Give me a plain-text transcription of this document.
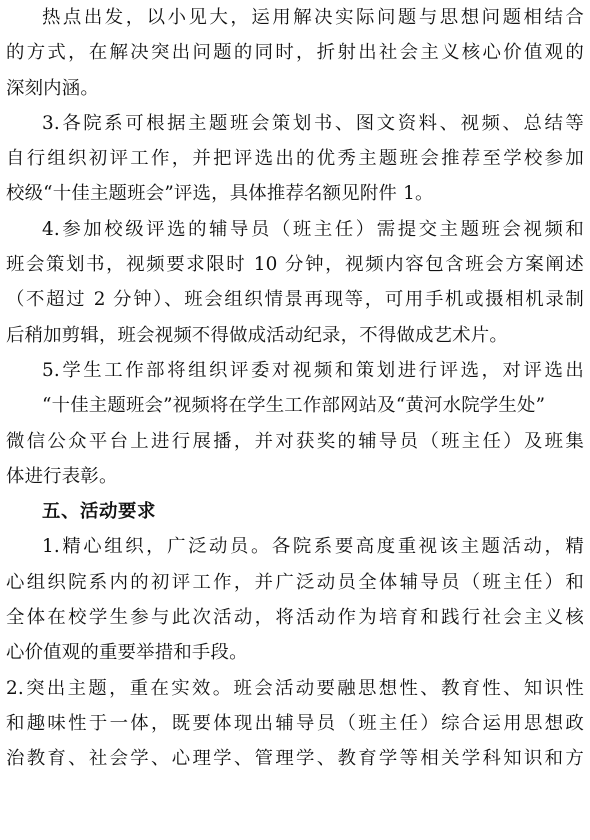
热点出发，以小见大，运用解决实际问题与思想问题相结合
的方式，在解决突出问题的同时，折射出社会主义核心价值观的
深刻内涵。
3.各院系可根据主题班会策划书、图文资料、视频、总结等
自行组织初评工作，并把评选出的优秀主题班会推荐至学校参加
校级“十佳主题班会”评选，具体推荐名额见附件 1。
4.参加校级评选的辅导员（班主任）需提交主题班会视频和
班会策划书，视频要求限时 10 分钟，视频内容包含班会方案阐述
（不超过 2 分钟）、班会组织情景再现等，可用手机或摄相机录制
后稍加剪辑，班会视频不得做成活动纪录，不得做成艺术片。
5.学生工作部将组织评委对视频和策划进行评选，对评选出
“十佳主题班会”视频将在学生工作部网站及“黄河水院学生处”
微信公众平台上进行展播，并对获奖的辅导员（班主任）及班集
体进行表彰。
五、活动要求
1.精心组织，广泛动员。各院系要高度重视该主题活动，精
心组织院系内的初评工作，并广泛动员全体辅导员（班主任）和
全体在校学生参与此次活动，将活动作为培育和践行社会主义核
心价值观的重要举措和手段。
2.突出主题，重在实效。班会活动要融思想性、教育性、知识性
和趣味性于一体，既要体现出辅导员（班主任）综合运用思想政
治教育、社会学、心理学、管理学、教育学等相关学科知识和方
